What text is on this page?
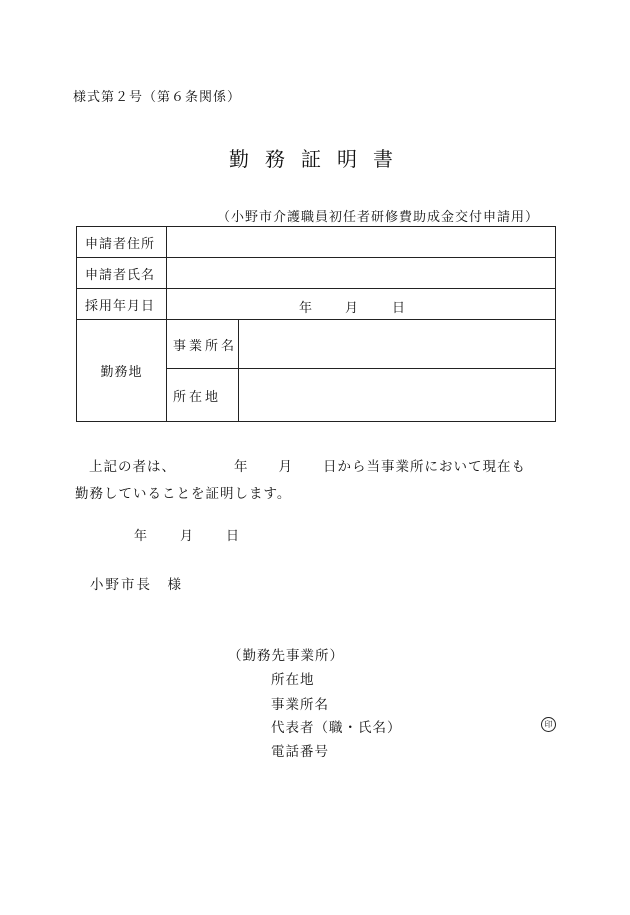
様式第２号（第６条関係）
勤務証明書
（小野市介護職員初任者研修費助成金交付申請用）
申請者住所		
申請者氏名		
採用年月日	年 月 日	

勤務地	事業所名	
	所在地	
上記の者は、	年 月 日から当事業所において現在も
勤務していることを証明します。
年	月	日
小野市長　様
（勤務先事業所）
所在地
事業所名
代表者（職・氏名）	印
電話番号
